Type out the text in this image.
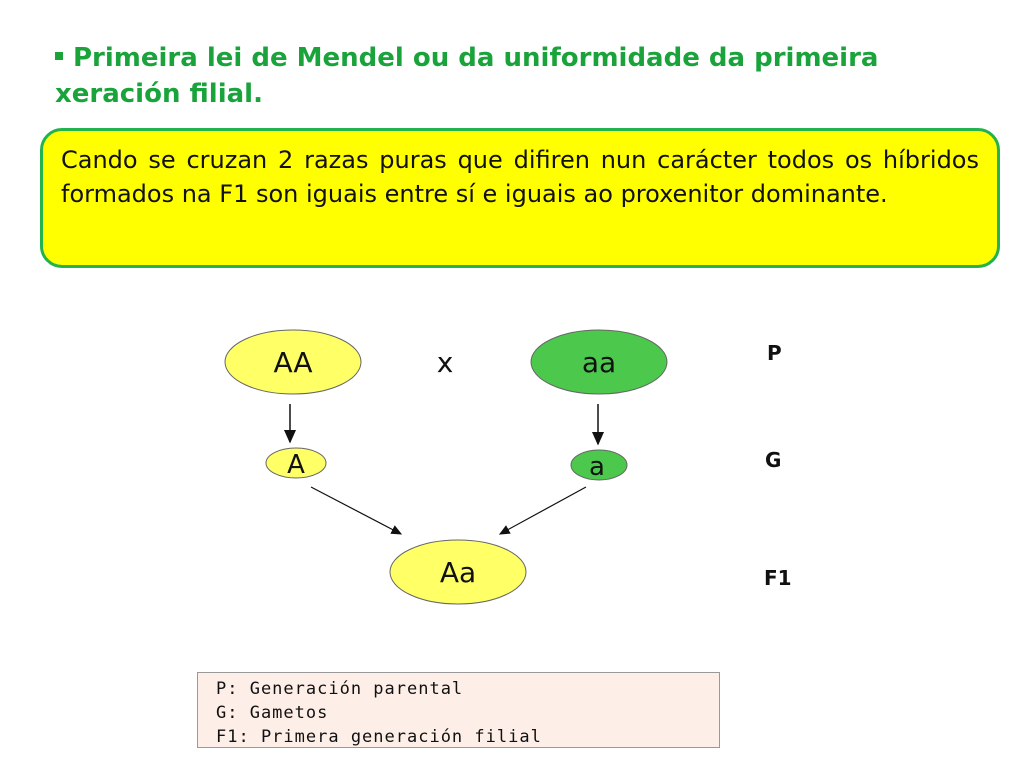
Primeira lei de Mendel ou da uniformidade da primeira xeración filial.

Cando se cruzan 2 razas puras que difiren nun carácter todos os híbridos formados na F1 son iguais entre sí e iguais ao proxenitor dominante.

AA	x	aa
A	a
Aa
P
G
F1
P: Generación parental
G: Gametos
F1: Primera generación filial
